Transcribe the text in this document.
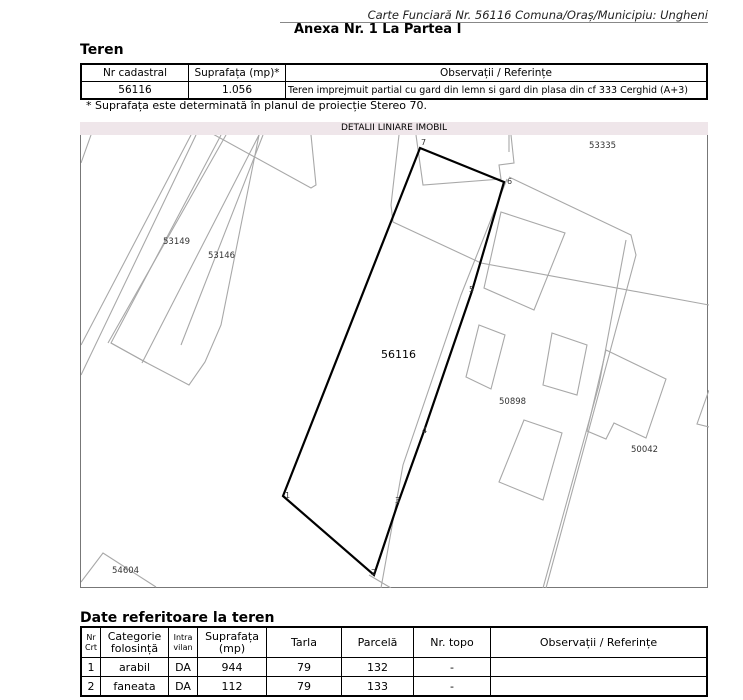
Carte Funciară Nr. 56116 Comuna/Oraș/Municipiu: Ungheni
Anexa Nr. 1 La Partea I
Teren
Nr cadastral	Suprafața (mp)*	Observații / Referințe
56116	1.056	Teren imprejmuit partial cu gard din lemn si gard din plasa din cf 333 Cerghid (A+3)
* Suprafața este determinată în planul de proiecție Stereo 70.
DETALII LINIARE IMOBIL
7
6
5
4
3
2
1
53149
53146
53335
50898
50042
54604
56116
Date referitoare la teren
Nr Crt	Categorie folosință	Intra vilan	Suprafața (mp)	Tarla	Parcelă	Nr. topo	Observații / Referințe
1	arabil	DA	944	79	132	-	
2	faneata	DA	112	79	133	-	
